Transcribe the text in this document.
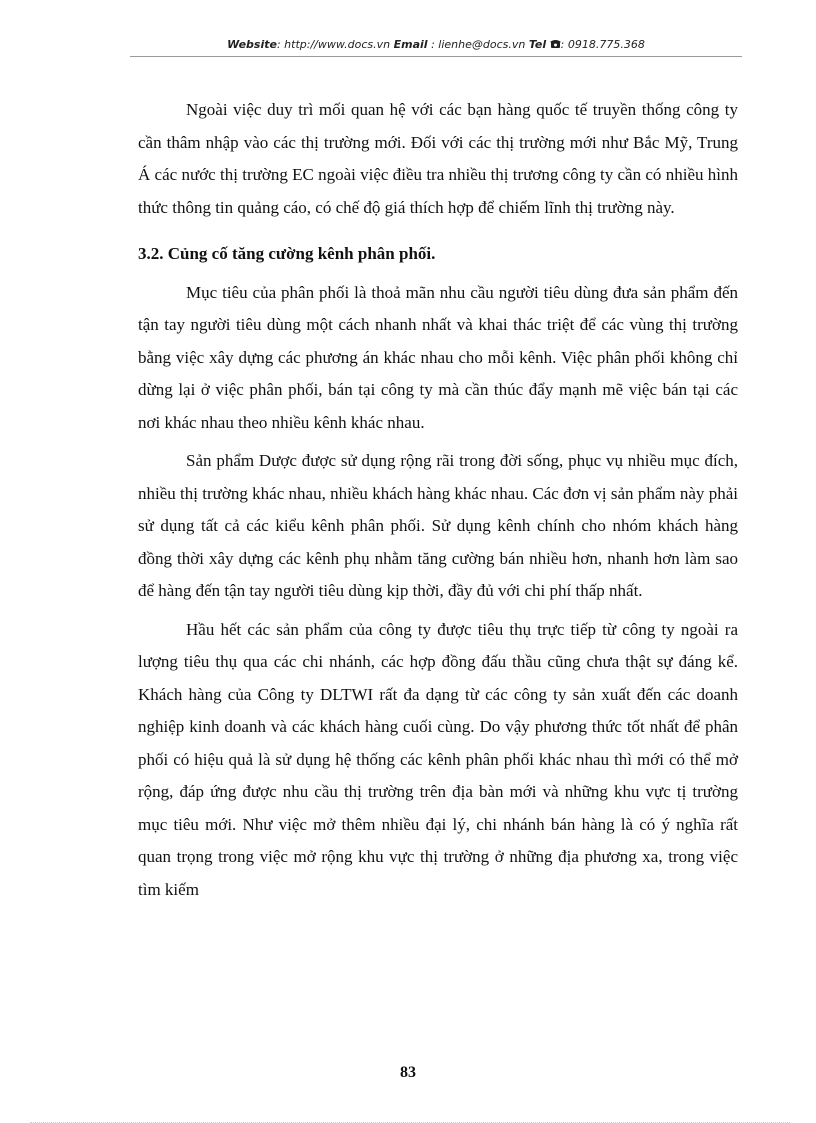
Website: http://www.docs.vn Email : lienhe@docs.vn Tel : 0918.775.368

Ngoài việc duy trì mối quan hệ với các bạn hàng quốc tế truyền thống công ty cần thâm nhập vào các thị trường mới. Đối với các thị trường mới như Bắc Mỹ, Trung Á các nước thị trường EC ngoài việc điều tra nhiều thị trương công ty cần có nhiều hình thức thông tin quảng cáo, có chế độ giá thích hợp để chiếm lĩnh thị trường này.

3.2. Củng cố tăng cường kênh phân phối.

Mục tiêu của phân phối là thoả mãn nhu cầu người tiêu dùng đưa sản phẩm đến tận tay người tiêu dùng một cách nhanh nhất và khai thác triệt để các vùng thị trường bằng việc xây dựng các phương án khác nhau cho mỗi kênh. Việc phân phối không chỉ dừng lại ở việc phân phối, bán tại công ty mà cần thúc đẩy mạnh mẽ việc bán tại các nơi khác nhau theo nhiều kênh khác nhau.

Sản phẩm Dược được sử dụng rộng rãi trong đời sống, phục vụ nhiều mục đích, nhiều thị trường khác nhau, nhiều khách hàng khác nhau. Các đơn vị sản phẩm này phải sử dụng tất cả các kiểu kênh phân phối. Sử dụng kênh chính cho nhóm khách hàng đồng thời xây dựng các kênh phụ nhằm tăng cường bán nhiều hơn, nhanh hơn làm sao để hàng đến tận tay người tiêu dùng kịp thời, đầy đủ với chi phí thấp nhất.

Hầu hết các sản phẩm của công ty được tiêu thụ trực tiếp từ công ty ngoài ra lượng tiêu thụ qua các chi nhánh, các hợp đồng đấu thầu cũng chưa thật sự đáng kể. Khách hàng của Công ty DLTWI rất đa dạng từ các công ty sản xuất đến các doanh nghiệp kinh doanh và các khách hàng cuối cùng. Do vậy phương thức tốt nhất để phân phối có hiệu quả là sử dụng hệ thống các kênh phân phối khác nhau thì mới có thể mở rộng, đáp ứng được nhu cầu thị trường trên địa bàn mới và những khu vực tị trường mục tiêu mới. Như việc mở thêm nhiều đại lý, chi nhánh bán hàng là có ý nghĩa rất quan trọng trong việc mở rộng khu vực thị trường ở những địa phương xa, trong việc tìm kiếm

83
